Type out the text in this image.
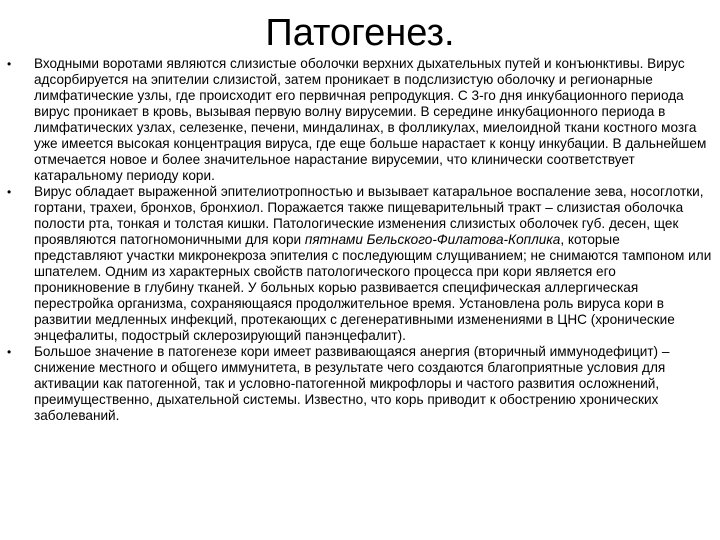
Патогенез.
• Входными воротами являются слизистые оболочки верхних дыхательных путей и конъюнктивы. Вирус адсорбируется на эпителии слизистой, затем проникает в подслизистую оболочку и регионарные лимфатические узлы, где происходит его первичная репродукция. С 3-го дня инкубационного периода вирус проникает в кровь, вызывая первую волну вирусемии. В середине инкубационного периода в лимфатических узлах, селезенке, печени, миндалинах, в фолликулах, миелоидной ткани костного мозга уже имеется высокая концентрация вируса, где еще больше нарастает к концу инкубации. В дальнейшем отмечается новое и более значительное нарастание вирусемии, что клинически соответствует катаральному периоду кори.
• Вирус обладает выраженной эпителиотропностью и вызывает катаральное воспаление зева, носоглотки, гортани, трахеи, бронхов, бронхиол. Поражается также пищеварительный тракт – слизистая оболочка полости рта, тонкая и толстая кишки. Патологические изменения слизистых оболочек губ. десен, щек проявляются патогномоничными для кори пятнами Бельского-Филатова-Коплика, которые представляют участки микронекроза эпителия с последующим слущиванием; не снимаются тампоном или шпателем. Одним из характерных свойств патологического процесса при кори является его проникновение в глубину тканей. У больных корью развивается специфическая аллергическая перестройка организма, сохраняющаяся продолжительное время. Установлена роль вируса кори в развитии медленных инфекций, протекающих с дегенеративными изменениями в ЦНС (хронические энцефалиты, подострый склерозирующий панэнцефалит).
• Большое значение в патогенезе кори имеет развивающаяся анергия (вторичный иммунодефицит) – снижение местного и общего иммунитета, в результате чего создаются благоприятные условия для активации как патогенной, так и условно-патогенной микрофлоры и частого развития осложнений, преимущественно, дыхательной системы. Известно, что корь приводит к обострению хронических заболеваний.
